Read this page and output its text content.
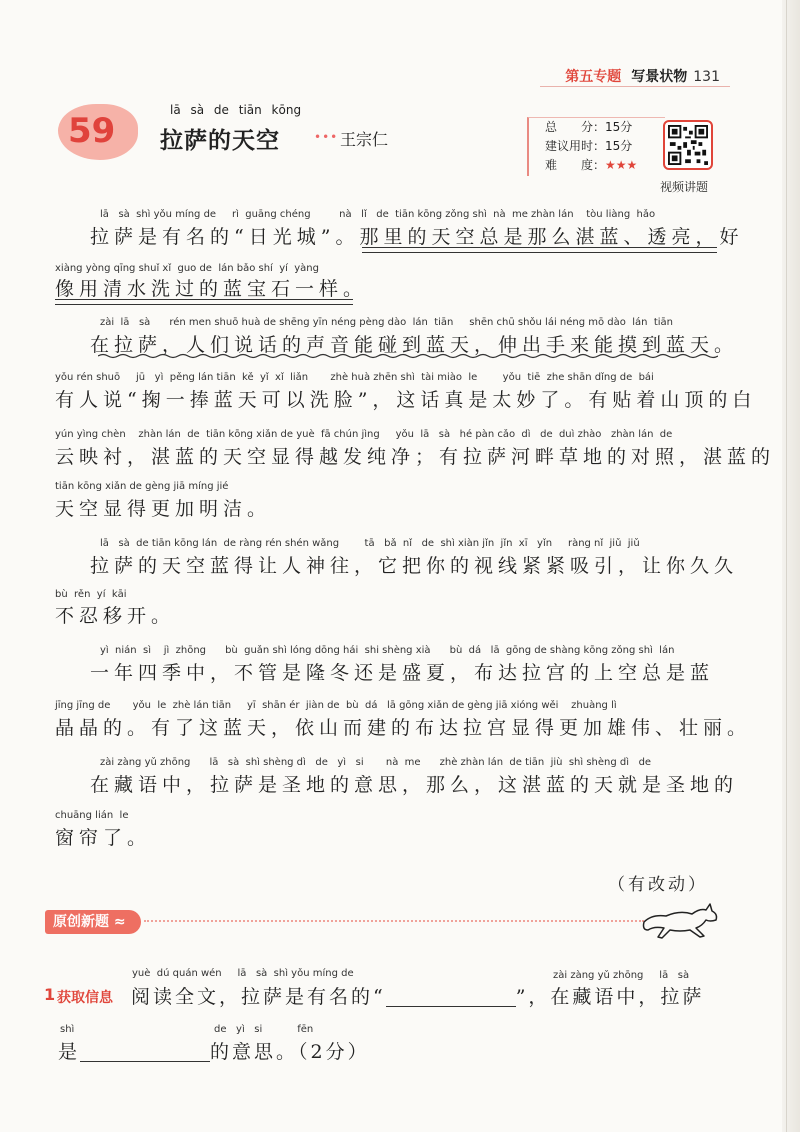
第五专题 写景状物 131
59
lā sà de tiān kōng
拉萨的天空	••• 王宗仁
总　　分：15分
建议用时：15分
难　　度：★★★
视频讲题
lā   sà  shì yǒu míng de     rì  guāng chéng         nà   lǐ   de  tiān kōng zǒng shì  nà  me zhàn lán    tòu liàng  hǎo
　 拉萨是有名的“日光城”。那里的天空总是那么湛蓝、透亮，好
xiàng yòng qīng shuǐ xǐ  guo de  lán bǎo shí  yí  yàng
像用清水洗过的蓝宝石一样。
zài  lā   sà      rén men shuō huà de shēng yīn néng pèng dào  lán  tiān     shēn chū shǒu lái néng mō dào  lán  tiān
　 在拉萨，人们说话的声音能碰到蓝天，伸出手来能摸到蓝天。
yǒu rén shuō     jū   yì  pěng lán tiān  kě  yǐ  xǐ  liǎn       zhè huà zhēn shì  tài miào  le        yǒu  tiē  zhe shān dǐng de  bái
有人说“掬一捧蓝天可以洗脸”，这话真是太妙了。有贴着山顶的白
yún yìng chèn    zhàn lán  de  tiān kōng xiǎn de yuè  fā chún jìng     yǒu  lā   sà   hé pàn cǎo  dì   de  duì zhào   zhàn lán  de
云映衬，湛蓝的天空显得越发纯净；有拉萨河畔草地的对照，湛蓝的
tiān kōng xiǎn de gèng jiā míng jié
天空显得更加明洁。
lā   sà  de tiān kōng lán  de ràng rén shén wǎng        tā   bǎ  nǐ   de  shì xiàn jǐn  jǐn  xī   yǐn     ràng nǐ  jiǔ  jiǔ
　 拉萨的天空蓝得让人神往，它把你的视线紧紧吸引，让你久久
bù  rěn  yí  kāi
不忍移开。
yì  nián  sì    jì  zhōng      bù  guǎn shì lóng dōng hái  shi shèng xià      bù  dá   lā  gōng de shàng kōng zǒng shì  lán
　 一年四季中，不管是隆冬还是盛夏，布达拉宫的上空总是蓝
jīng jīng de       yǒu  le  zhè lán tiān     yī  shān ér  jiàn de  bù  dá   lā gōng xiǎn de gèng jiā xióng wěi    zhuàng lì
晶晶的。有了这蓝天，依山而建的布达拉宫显得更加雄伟、壮丽。
zài zàng yǔ zhōng      lā   sà  shì shèng dì   de   yì   si       nà  me      zhè zhàn lán  de tiān  jiù  shì shèng dì   de
　 在藏语中，拉萨是圣地的意思，那么，这湛蓝的天就是圣地的
chuāng lián  le
窗帘了。
（有改动）
原创新题 ≈
1 获取信息
yuè  dú quán wén     lā   sà  shì yǒu míng de	zài zàng yǔ zhōng     lā   sà
阅读全文，拉萨是有名的“	”，在藏语中，拉萨
shì	de   yì   si           fēn
是	的意思。（2分）
